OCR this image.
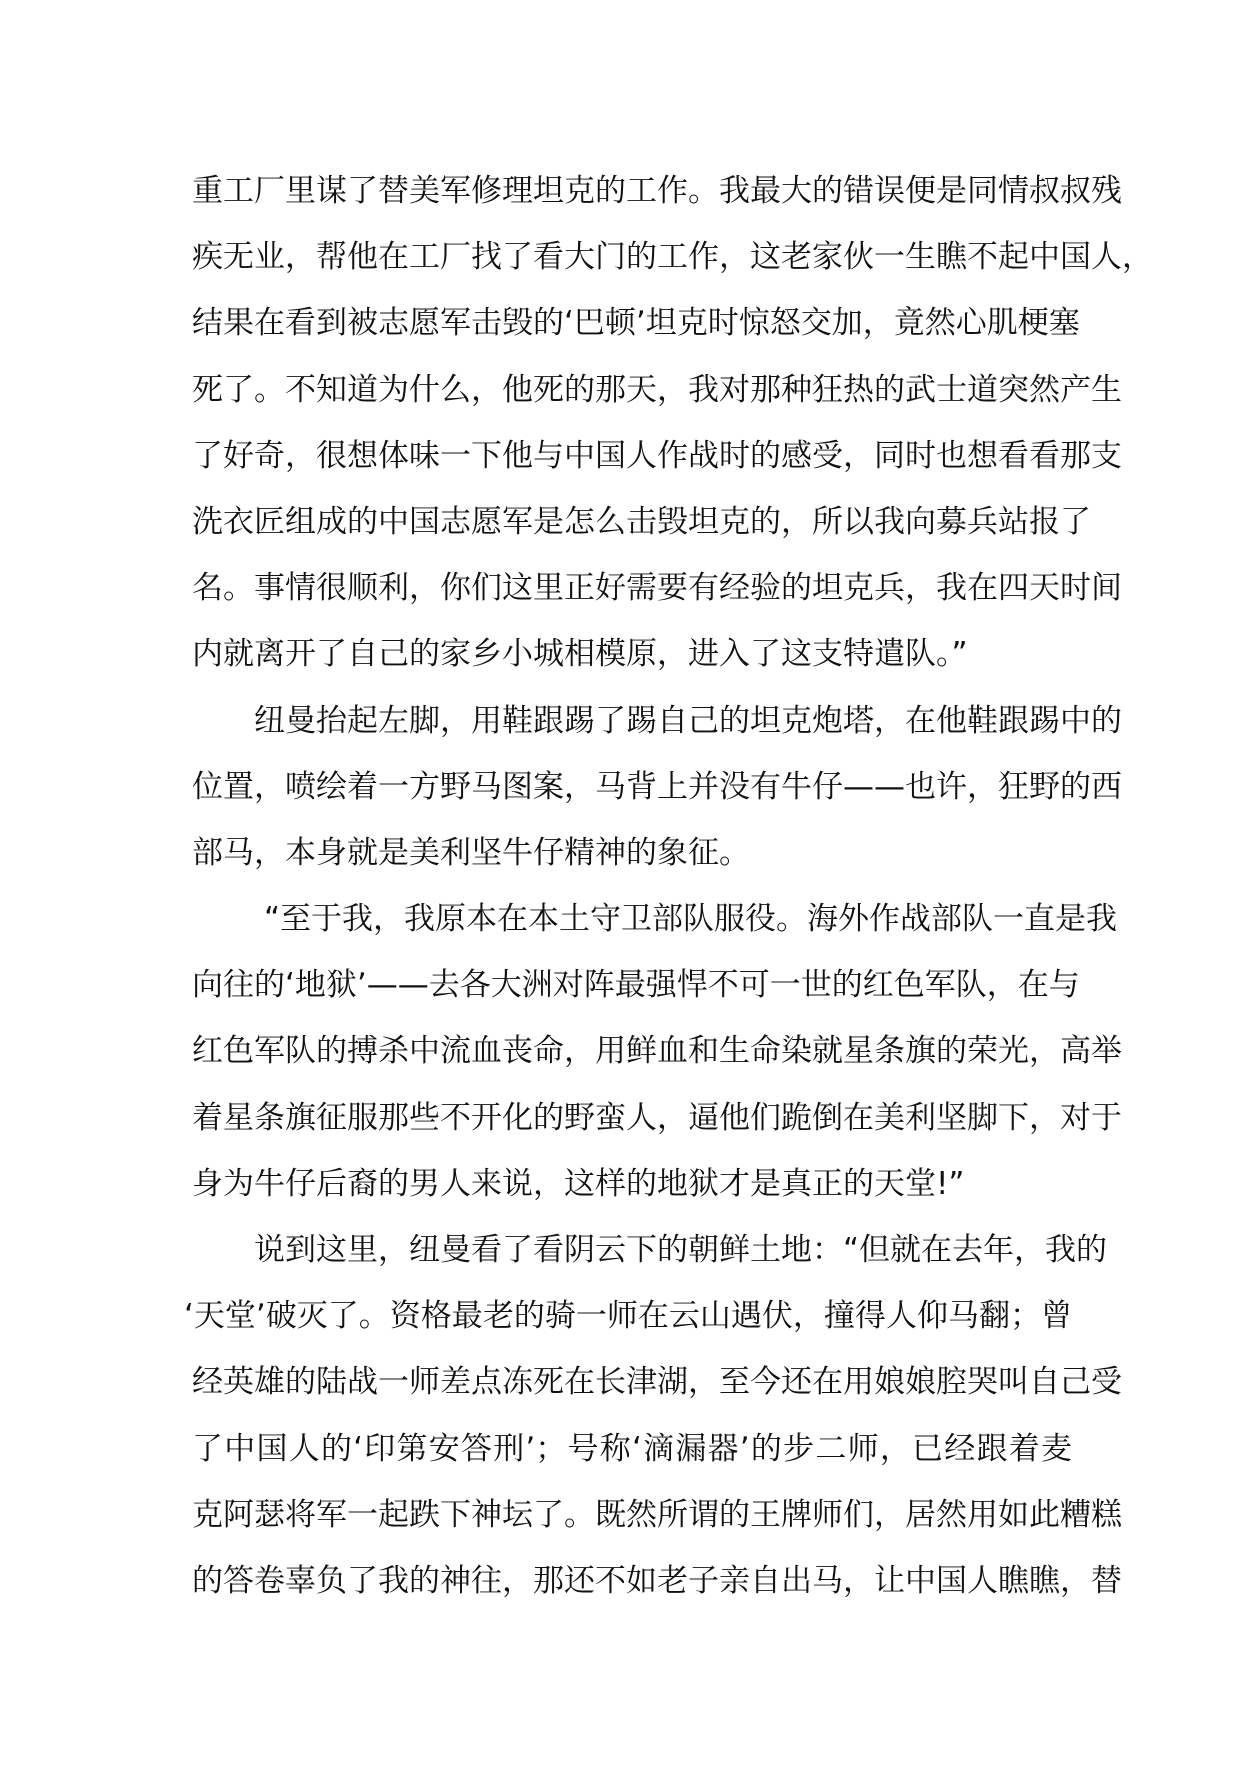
重工厂里谋了替美军修理坦克的工作。我最大的错误便是同情叔叔残
疾无业，帮他在工厂找了看大门的工作，这老家伙一生瞧不起中国人，
结果在看到被志愿军击毁的‘巴顿’坦克时惊怒交加，竟然心肌梗塞
死了。不知道为什么，他死的那天，我对那种狂热的武士道突然产生
了好奇，很想体味一下他与中国人作战时的感受，同时也想看看那支
洗衣匠组成的中国志愿军是怎么击毁坦克的，所以我向募兵站报了
名。事情很顺利，你们这里正好需要有经验的坦克兵，我在四天时间
内就离开了自己的家乡小城相模原，进入了这支特遣队。”
纽曼抬起左脚，用鞋跟踢了踢自己的坦克炮塔，在他鞋跟踢中的
位置，喷绘着一方野马图案，马背上并没有牛仔——也许，狂野的西
部马，本身就是美利坚牛仔精神的象征。
“至于我，我原本在本土守卫部队服役。海外作战部队一直是我
向往的‘地狱’——去各大洲对阵最强悍不可一世的红色军队，在与
红色军队的搏杀中流血丧命，用鲜血和生命染就星条旗的荣光，高举
着星条旗征服那些不开化的野蛮人，逼他们跪倒在美利坚脚下，对于
身为牛仔后裔的男人来说，这样的地狱才是真正的天堂!”
说到这里，纽曼看了看阴云下的朝鲜土地：“但就在去年，我的
‘天堂’破灭了。资格最老的骑一师在云山遇伏，撞得人仰马翻；曾
经英雄的陆战一师差点冻死在长津湖，至今还在用娘娘腔哭叫自己受
了中国人的‘印第安答刑’；号称‘滴漏器’的步二师，已经跟着麦
克阿瑟将军一起跌下神坛了。既然所谓的王牌师们，居然用如此糟糕
的答卷辜负了我的神往，那还不如老子亲自出马，让中国人瞧瞧，替
